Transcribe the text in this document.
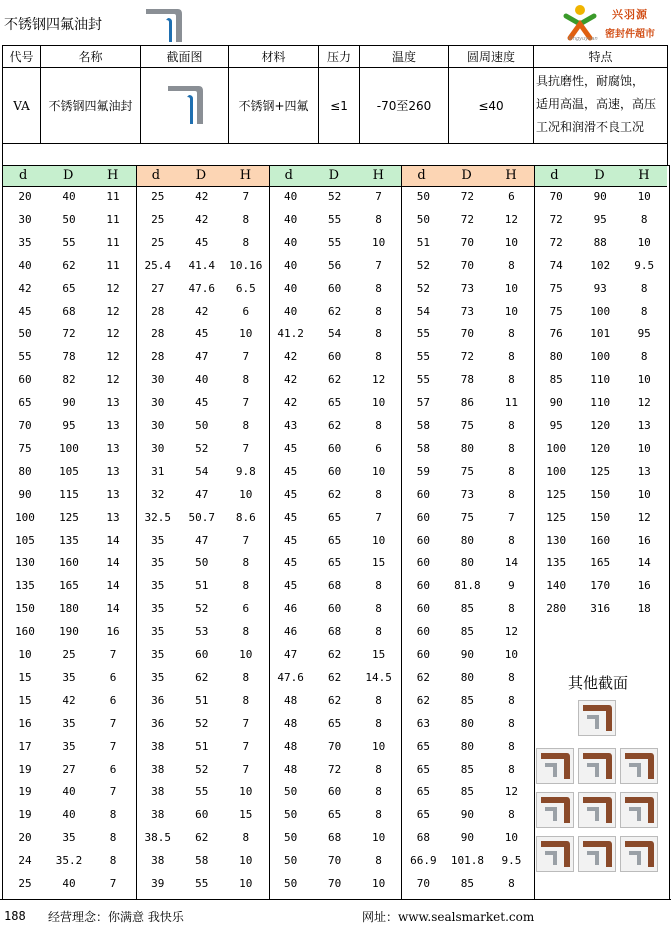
不锈钢四氟油封
兴羽源
密封件超市
Xingyuyuan
代号	名称	截面图	材料	压力	温度	圆周速度	特点
VA	不锈钢四氟油封		不锈钢+四氟	≤1	-70至260	≤40	具抗磨性，耐腐蚀，
适用高温，高速，高压
工况和润滑不良工况

d	D	H
20	40	11
30	50	11
35	55	11
40	62	11
42	65	12
45	68	12
50	72	12
55	78	12
60	82	12
65	90	13
70	95	13
75	100	13
80	105	13
90	115	13
100	125	13
105	135	14
130	160	14
135	165	14
150	180	14
160	190	16
10	25	7
15	35	6
15	42	6
16	35	7
17	35	7
19	27	6
19	40	7
19	40	8
20	35	8
24	35.2	8
25	40	7
d	D	H
25	42	7
25	42	8
25	45	8
25.4	41.4	10.16
27	47.6	6.5
28	42	6
28	45	10
28	47	7
30	40	8
30	45	7
30	50	8
30	52	7
31	54	9.8
32	47	10
32.5	50.7	8.6
35	47	7
35	50	8
35	51	8
35	52	6
35	53	8
35	60	10
35	62	8
36	51	8
36	52	7
38	51	7
38	52	7
38	55	10
38	60	15
38.5	62	8
38	58	10
39	55	10
d	D	H
40	52	7
40	55	8
40	55	10
40	56	7
40	60	8
40	62	8
41.2	54	8
42	60	8
42	62	12
42	65	10
43	62	8
45	60	6
45	60	10
45	62	8
45	65	7
45	65	10
45	65	15
45	68	8
46	60	8
46	68	8
47	62	15
47.6	62	14.5
48	62	8
48	65	8
48	70	10
48	72	8
50	60	8
50	65	8
50	68	10
50	70	8
50	70	10
d	D	H
50	72	6
50	72	12
51	70	10
52	70	8
52	73	10
54	73	10
55	70	8
55	72	8
55	78	8
57	86	11
58	75	8
58	80	8
59	75	8
60	73	8
60	75	7
60	80	8
60	80	14
60	81.8	9
60	85	8
60	85	12
60	90	10
62	80	8
62	85	8
63	80	8
65	80	8
65	85	8
65	85	12
65	90	8
68	90	10
66.9	101.8	9.5
70	85	8
d	D	H
70	90	10
72	95	8
72	88	10
74	102	9.5
75	93	8
75	100	8
76	101	95
80	100	8
85	110	10
90	110	12
95	120	13
100	120	10
100	125	13
125	150	10
125	150	12
130	160	16
135	165	14
140	170	16
280	316	18
其他截面
188 经营理念：你满意 我快乐	网址：www.sealsmarket.com
